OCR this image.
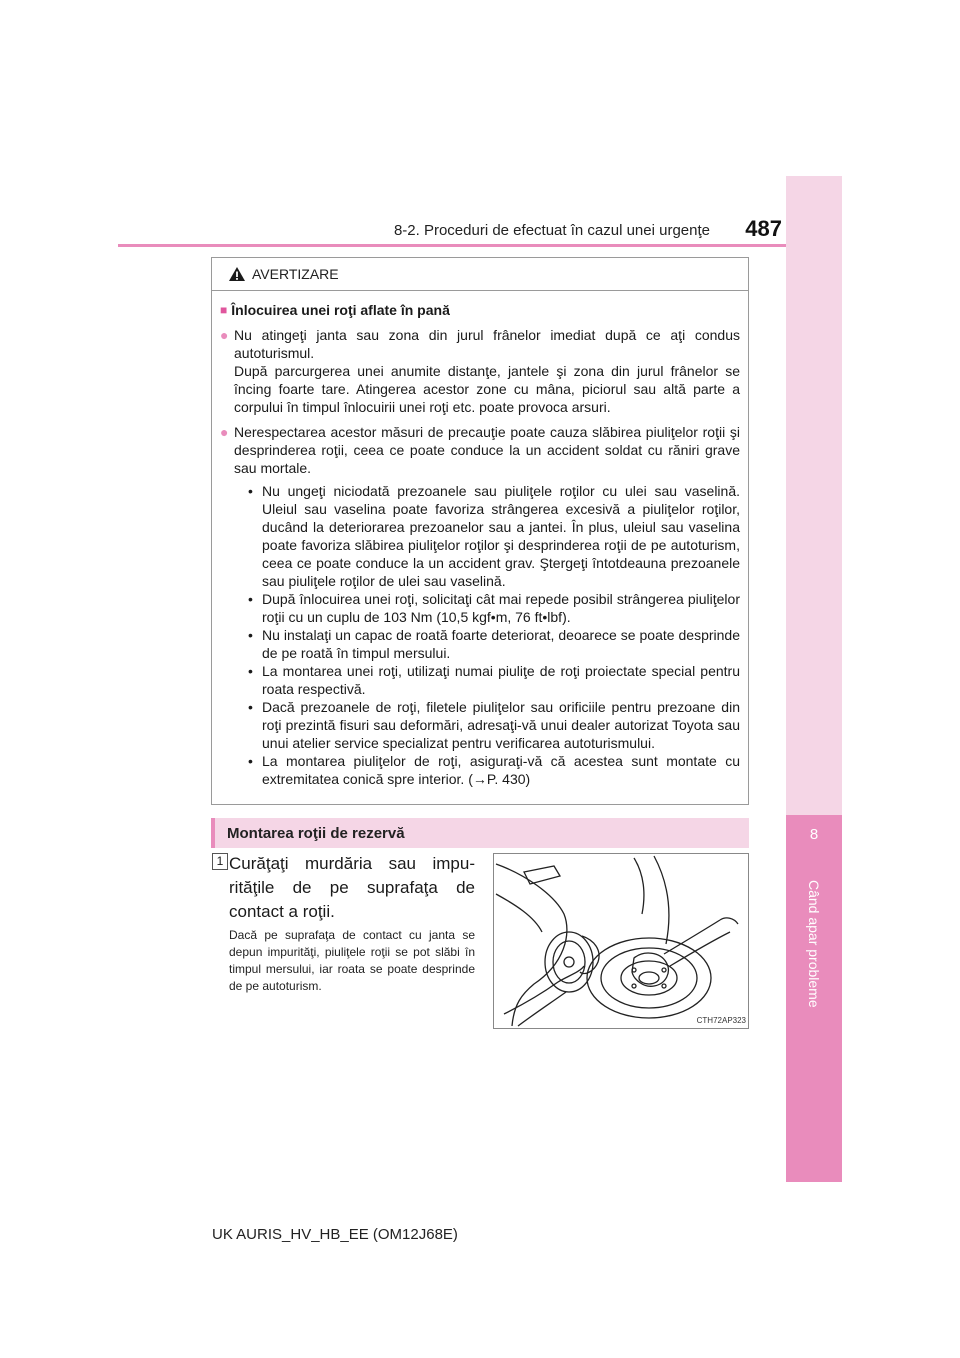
8
Când apar probleme
8-2. Proceduri de efectuat în cazul unei urgenţe	487
AVERTIZARE
■ Înlocuirea unei roţi aflate în pană
● Nu atingeţi janta sau zona din jurul frânelor imediat după ce aţi condus autoturismul.

După parcurgerea unei anumite distanţe, jantele şi zona din jurul frânelor se încing foarte tare. Atingerea acestor zone cu mâna, piciorul sau altă parte a corpului în timpul înlocuirii unei roţi etc. poate provoca arsuri.

● Nerespectarea acestor măsuri de precauţie poate cauza slăbirea piuliţelor roţii şi desprinderea roţii, ceea ce poate conduce la un accident soldat cu răniri grave sau mortale.

• Nu ungeţi niciodată prezoanele sau piuliţele roţilor cu ulei sau vaselină. Uleiul sau vaselina poate favoriza strângerea excesivă a piuliţelor roţilor, ducând la deteriorarea prezoanelor sau a jantei. În plus, uleiul sau vaselina poate favoriza slăbirea piuliţelor roţilor şi desprinderea roţii de pe autoturism, ceea ce poate conduce la un accident grav. Ştergeţi întotdeauna prezoanele sau piuliţele roţilor de ulei sau vaselină.
• După înlocuirea unei roţi, solicitaţi cât mai repede posibil strângerea piuliţelor roţii cu un cuplu de 103 Nm (10,5 kgf•m, 76 ft•lbf).
• Nu instalaţi un capac de roată foarte deteriorat, deoarece se poate desprinde de pe roată în timpul mersului.
• La montarea unei roţi, utilizaţi numai piuliţe de roţi proiectate special pentru roata respectivă.
• Dacă prezoanele de roţi, filetele piuliţelor sau orificiile pentru prezoane din roţi prezintă fisuri sau deformări, adresaţi-vă unui dealer autorizat Toyota sau unui atelier service specializat pentru verificarea autoturismului.
• La montarea piuliţelor de roţi, asiguraţi-vă că acestea sunt montate cu extremitatea conică spre interior. (→P. 430)
Montarea roţii de rezervă
1 Curăţaţi murdăria sau impu-rităţile de pe suprafaţa de contact a roţii.
Dacă pe suprafaţa de contact cu janta se depun impurităţi, piuliţele roţii se pot slăbi în timpul mersului, iar roata se poate desprinde de pe autoturism.
CTH72AP323
UK AURIS_HV_HB_EE (OM12J68E)
